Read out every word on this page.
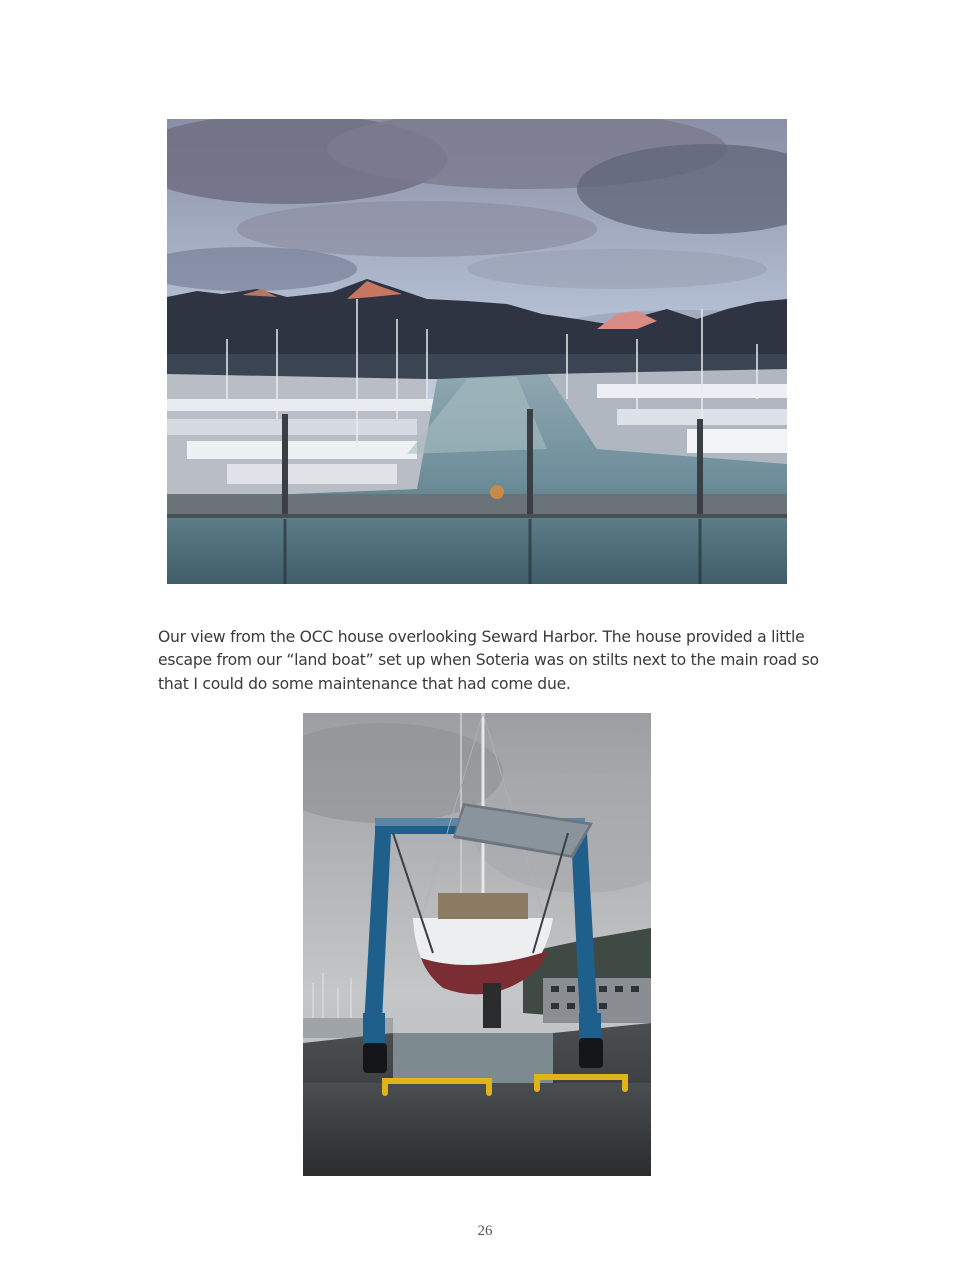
Our view from the OCC house overlooking Seward Harbor. The house provided a little
escape from our “land boat” set up when Soteria was on stilts next to the main road so
that I could do some maintenance that had come due.
26
